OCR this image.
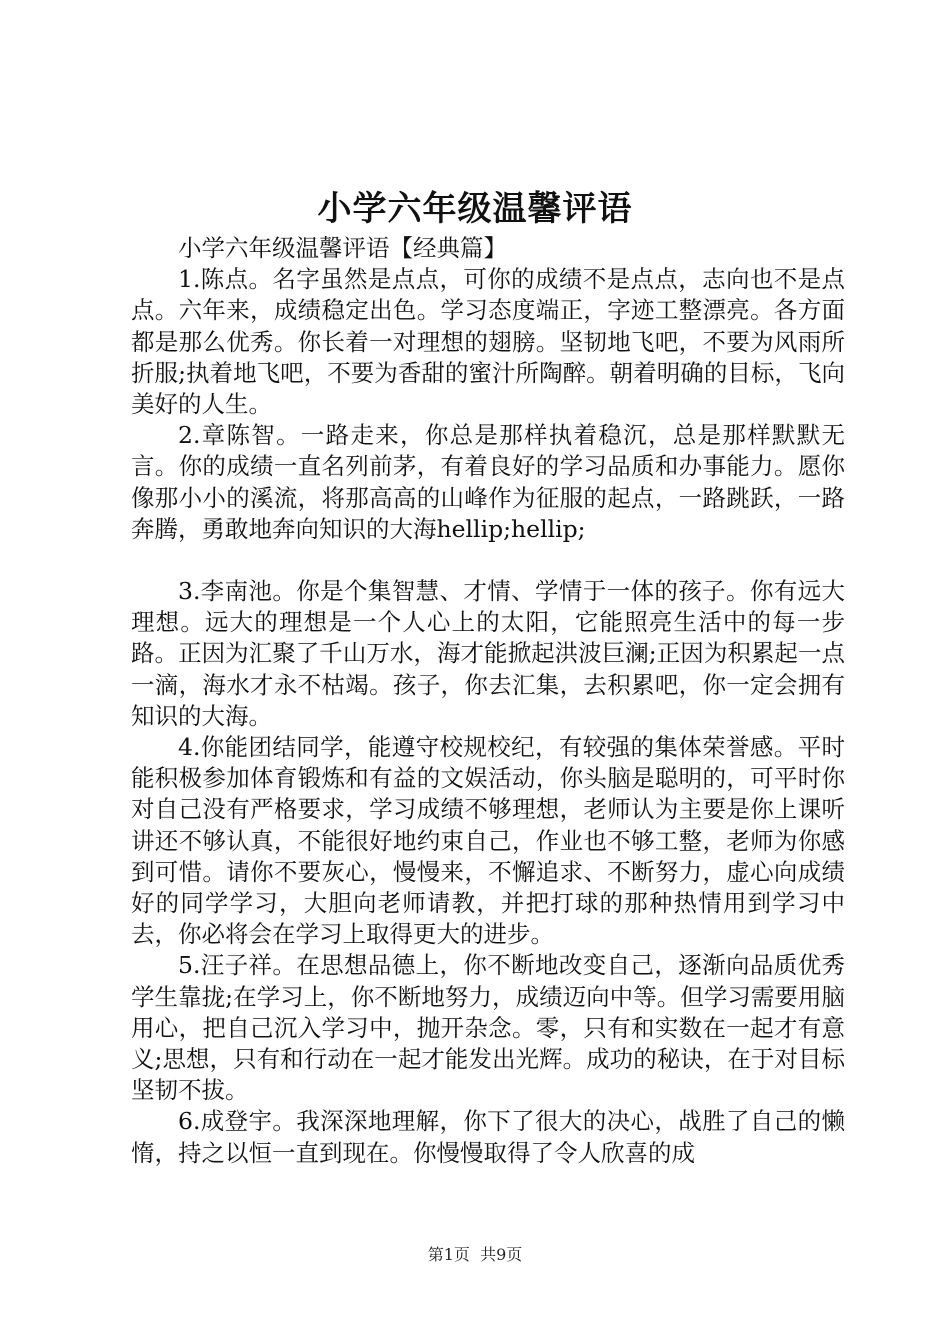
小学六年级温馨评语

小学六年级温馨评语【经典篇】

1.陈点。名字虽然是点点，可你的成绩不是点点，志向也不是点点。六年来，成绩稳定出色。学习态度端正，字迹工整漂亮。各方面都是那么优秀。你长着一对理想的翅膀。坚韧地飞吧，不要为风雨所折服;执着地飞吧，不要为香甜的蜜汁所陶醉。朝着明确的目标，飞向美好的人生。

2.章陈智。一路走来，你总是那样执着稳沉，总是那样默默无言。你的成绩一直名列前茅，有着良好的学习品质和办事能力。愿你像那小小的溪流，将那高高的山峰作为征服的起点，一路跳跃，一路奔腾，勇敢地奔向知识的大海hellip;hellip;

3.李南池。你是个集智慧、才情、学情于一体的孩子。你有远大理想。远大的理想是一个人心上的太阳，它能照亮生活中的每一步路。正因为汇聚了千山万水，海才能掀起洪波巨澜;正因为积累起一点一滴，海水才永不枯竭。孩子，你去汇集，去积累吧，你一定会拥有知识的大海。

4.你能团结同学，能遵守校规校纪，有较强的集体荣誉感。平时能积极参加体育锻炼和有益的文娱活动，你头脑是聪明的，可平时你对自己没有严格要求，学习成绩不够理想，老师认为主要是你上课听讲还不够认真，不能很好地约束自己，作业也不够工整，老师为你感到可惜。请你不要灰心，慢慢来，不懈追求、不断努力，虚心向成绩好的同学学习，大胆向老师请教，并把打球的那种热情用到学习中去，你必将会在学习上取得更大的进步。

5.汪子祥。在思想品德上，你不断地改变自己，逐渐向品质优秀学生靠拢;在学习上，你不断地努力，成绩迈向中等。但学习需要用脑用心，把自己沉入学习中，抛开杂念。零，只有和实数在一起才有意义;思想，只有和行动在一起才能发出光辉。成功的秘诀，在于对目标坚韧不拔。

6.成登宇。我深深地理解，你下了很大的决心，战胜了自己的懒惰，持之以恒一直到现在。你慢慢取得了令人欣喜的成

第1页 共9页
